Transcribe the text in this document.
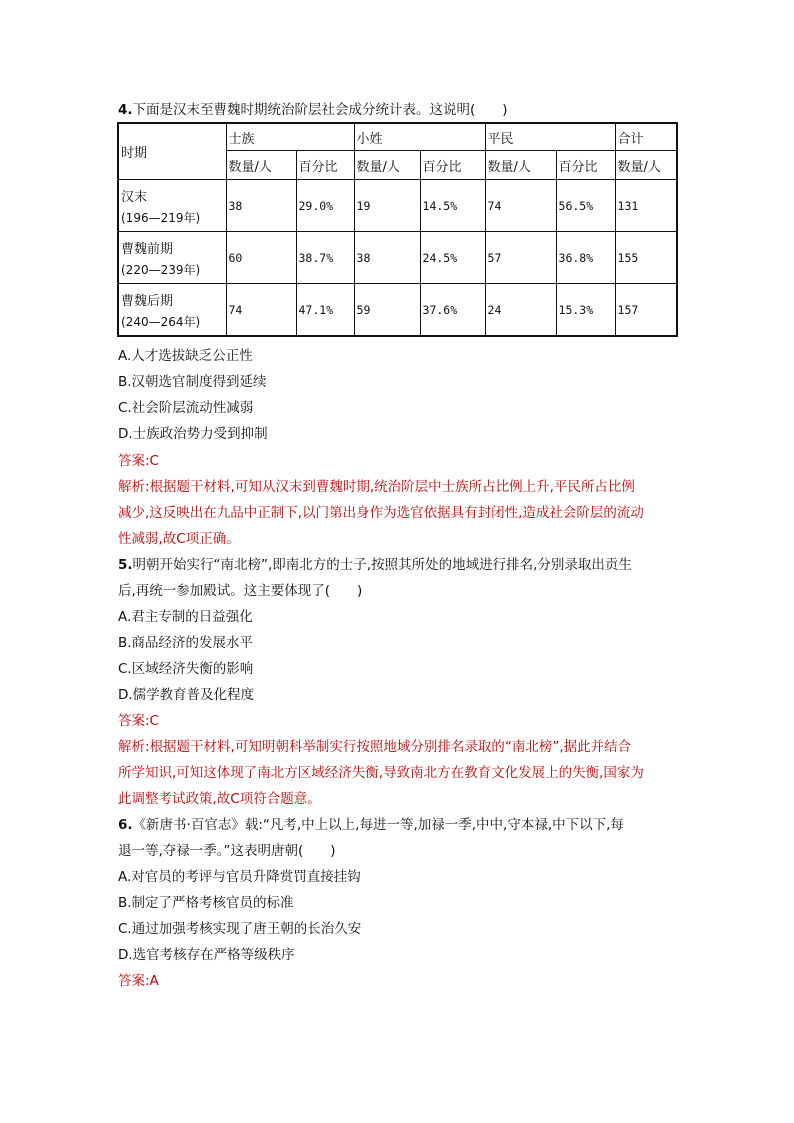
4.下面是汉末至曹魏时期统治阶层社会成分统计表。这说明(　　)
时期	士族		小姓		平民		合计
	数量/人	百分比	数量/人	百分比	数量/人	百分比	数量/人
汉末
(196—219年)	38	29.0%	19	14.5%	74	56.5%	131
曹魏前期
(220—239年)	60	38.7%	38	24.5%	57	36.8%	155
曹魏后期
(240—264年)	74	47.1%	59	37.6%	24	15.3%	157
A.人才选拔缺乏公正性
B.汉朝选官制度得到延续
C.社会阶层流动性减弱
D.士族政治势力受到抑制
答案:C
解析:根据题干材料,可知从汉末到曹魏时期,统治阶层中士族所占比例上升,平民所占比例
减少,这反映出在九品中正制下,以门第出身作为选官依据具有封闭性,造成社会阶层的流动
性减弱,故C项正确。
5.明朝开始实行“南北榜”,即南北方的士子,按照其所处的地域进行排名,分别录取出贡生
后,再统一参加殿试。这主要体现了(　　)
A.君主专制的日益强化
B.商品经济的发展水平
C.区域经济失衡的影响
D.儒学教育普及化程度
答案:C
解析:根据题干材料,可知明朝科举制实行按照地域分别排名录取的“南北榜”,据此并结合
所学知识,可知这体现了南北方区域经济失衡,导致南北方在教育文化发展上的失衡,国家为
此调整考试政策,故C项符合题意。
6.《新唐书·百官志》载:“凡考,中上以上,每进一等,加禄一季,中中,守本禄,中下以下,每
退一等,夺禄一季。”这表明唐朝(　　)
A.对官员的考评与官员升降赏罚直接挂钩
B.制定了严格考核官员的标准
C.通过加强考核实现了唐王朝的长治久安
D.选官考核存在严格等级秩序
答案:A
